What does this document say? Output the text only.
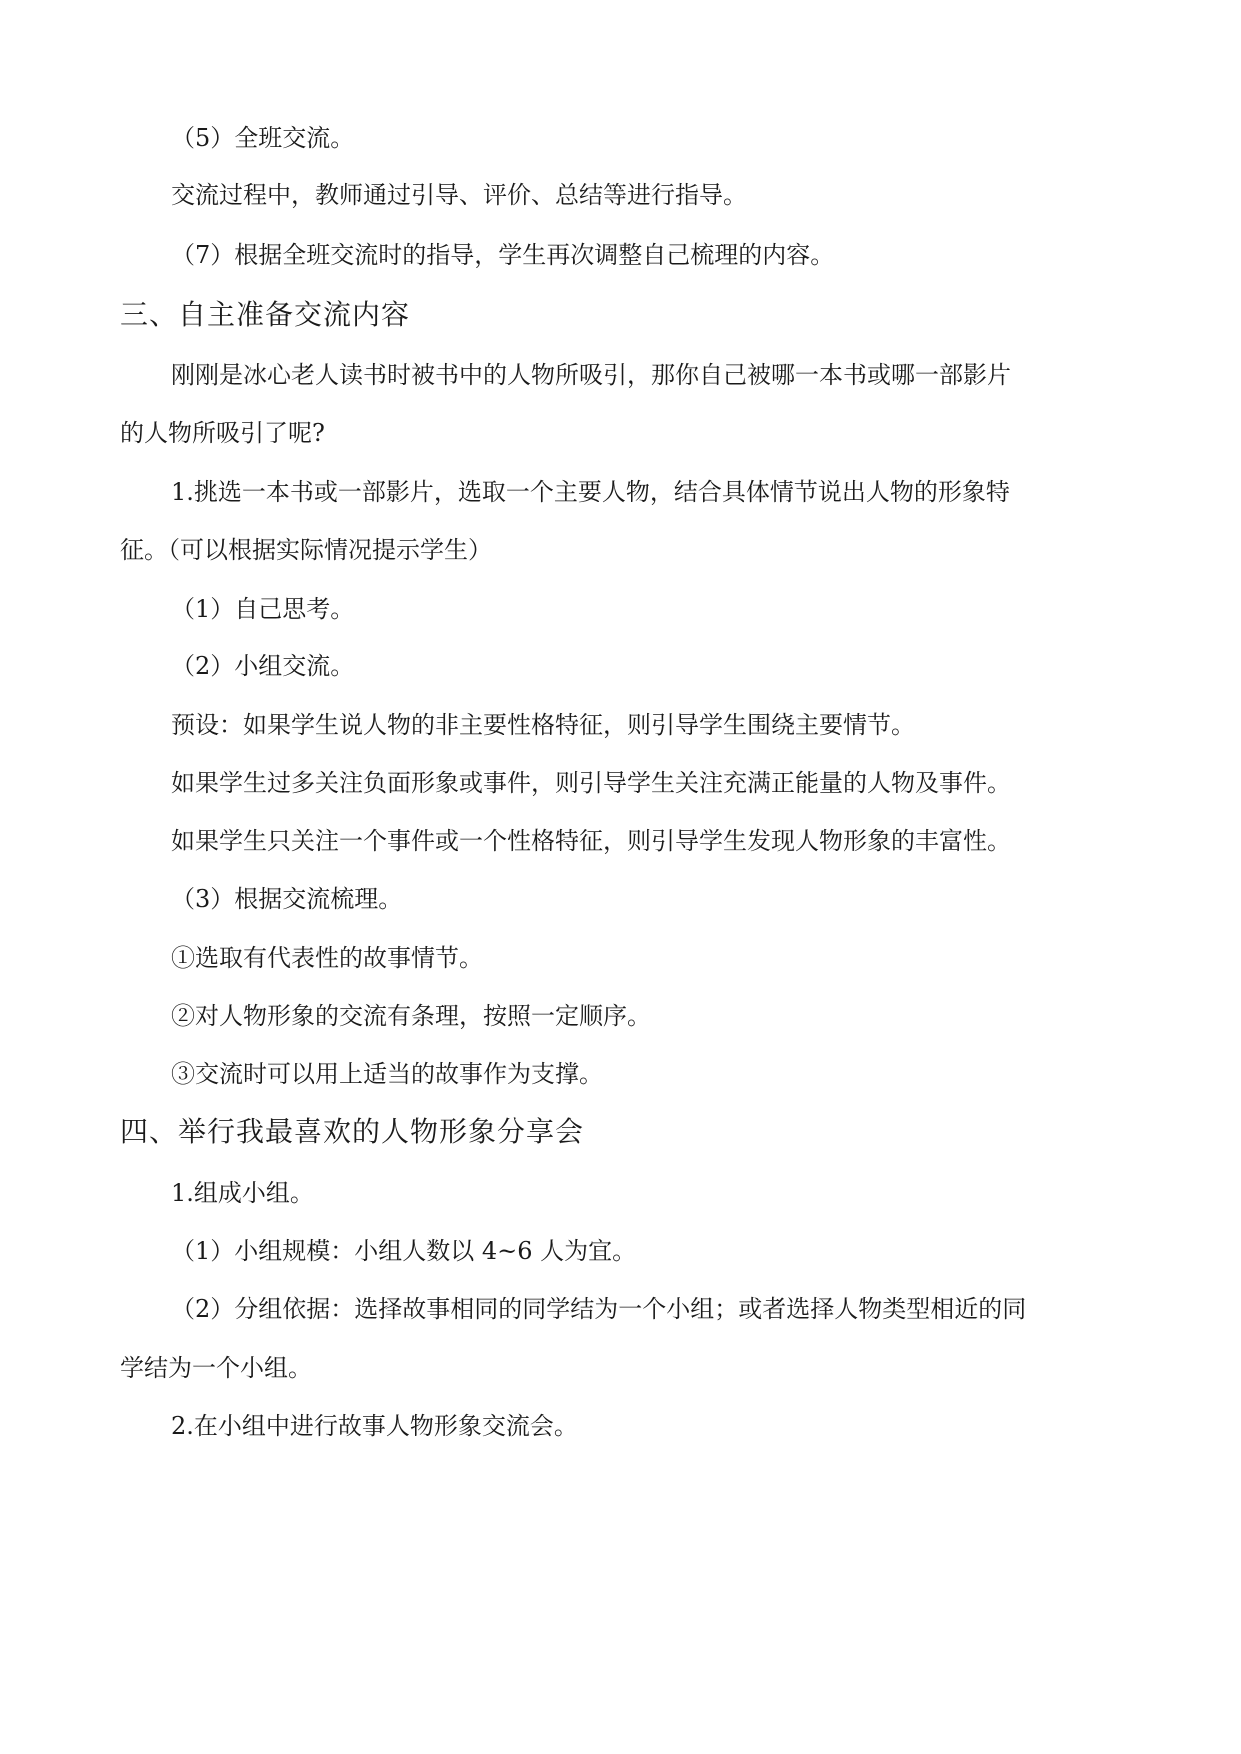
（5）全班交流。
交流过程中，教师通过引导、评价、总结等进行指导。
（7）根据全班交流时的指导，学生再次调整自己梳理的内容。
三、自主准备交流内容
刚刚是冰心老人读书时被书中的人物所吸引，那你自己被哪一本书或哪一部影片
的人物所吸引了呢?
1.挑选一本书或一部影片，选取一个主要人物，结合具体情节说出人物的形象特
征。（可以根据实际情况提示学生）
（1）自己思考。
（2）小组交流。
预设：如果学生说人物的非主要性格特征，则引导学生围绕主要情节。
如果学生过多关注负面形象或事件，则引导学生关注充满正能量的人物及事件。
如果学生只关注一个事件或一个性格特征，则引导学生发现人物形象的丰富性。
（3）根据交流梳理。
①选取有代表性的故事情节。
②对人物形象的交流有条理，按照一定顺序。
③交流时可以用上适当的故事作为支撑。
四、举行我最喜欢的人物形象分享会
1.组成小组。
（1）小组规模：小组人数以 4~6 人为宜。
（2）分组依据：选择故事相同的同学结为一个小组；或者选择人物类型相近的同
学结为一个小组。
2.在小组中进行故事人物形象交流会。
